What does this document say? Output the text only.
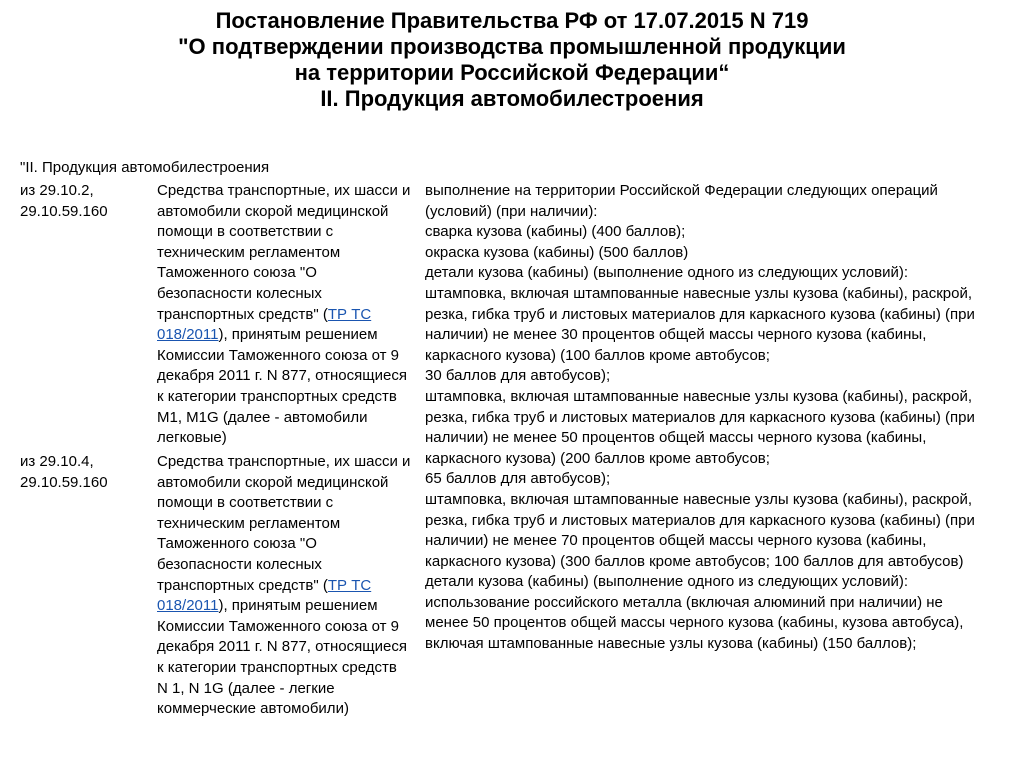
Постановление Правительства РФ от 17.07.2015 N 719
"О подтверждении производства промышленной продукции
на территории Российской Федерации“
II. Продукция автомобилестроения
"II. Продукция автомобилестроения
из 29.10.2,
29.10.59.160
Средства транспортные, их шасси и
автомобили скорой медицинской
помощи в соответствии с
техническим регламентом
Таможенного союза "О
безопасности колесных
транспортных средств" (ТР ТС
018/2011), принятым решением
Комиссии Таможенного союза от 9
декабря 2011 г. N 877, относящиеся
к категории транспортных средств
М1, M1G (далее - автомобили
легковые)
из 29.10.4,
29.10.59.160
Средства транспортные, их шасси и
автомобили скорой медицинской
помощи в соответствии с
техническим регламентом
Таможенного союза "О
безопасности колесных
транспортных средств" (ТР ТС
018/2011), принятым решением
Комиссии Таможенного союза от 9
декабря 2011 г. N 877, относящиеся
к категории транспортных средств
N 1, N 1G (далее - легкие
коммерческие автомобили)
выполнение на территории Российской Федерации следующих операций
(условий) (при наличии):
сварка кузова (кабины) (400 баллов);
окраска кузова (кабины) (500 баллов)
детали кузова (кабины) (выполнение одного из следующих условий):
штамповка, включая штампованные навесные узлы кузова (кабины), раскрой,
резка, гибка труб и листовых материалов для каркасного кузова (кабины) (при
наличии) не менее 30 процентов общей массы черного кузова (кабины,
каркасного кузова) (100 баллов кроме автобусов;
30 баллов для автобусов);
штамповка, включая штампованные навесные узлы кузова (кабины), раскрой,
резка, гибка труб и листовых материалов для каркасного кузова (кабины) (при
наличии) не менее 50 процентов общей массы черного кузова (кабины,
каркасного кузова) (200 баллов кроме автобусов;
65 баллов для автобусов);
штамповка, включая штампованные навесные узлы кузова (кабины), раскрой,
резка, гибка труб и листовых материалов для каркасного кузова (кабины) (при
наличии) не менее 70 процентов общей массы черного кузова (кабины,
каркасного кузова) (300 баллов кроме автобусов; 100 баллов для автобусов)
детали кузова (кабины) (выполнение одного из следующих условий):
использование российского металла (включая алюминий при наличии) не
менее 50 процентов общей массы черного кузова (кабины, кузова автобуса),
включая штампованные навесные узлы кузова (кабины) (150 баллов);
